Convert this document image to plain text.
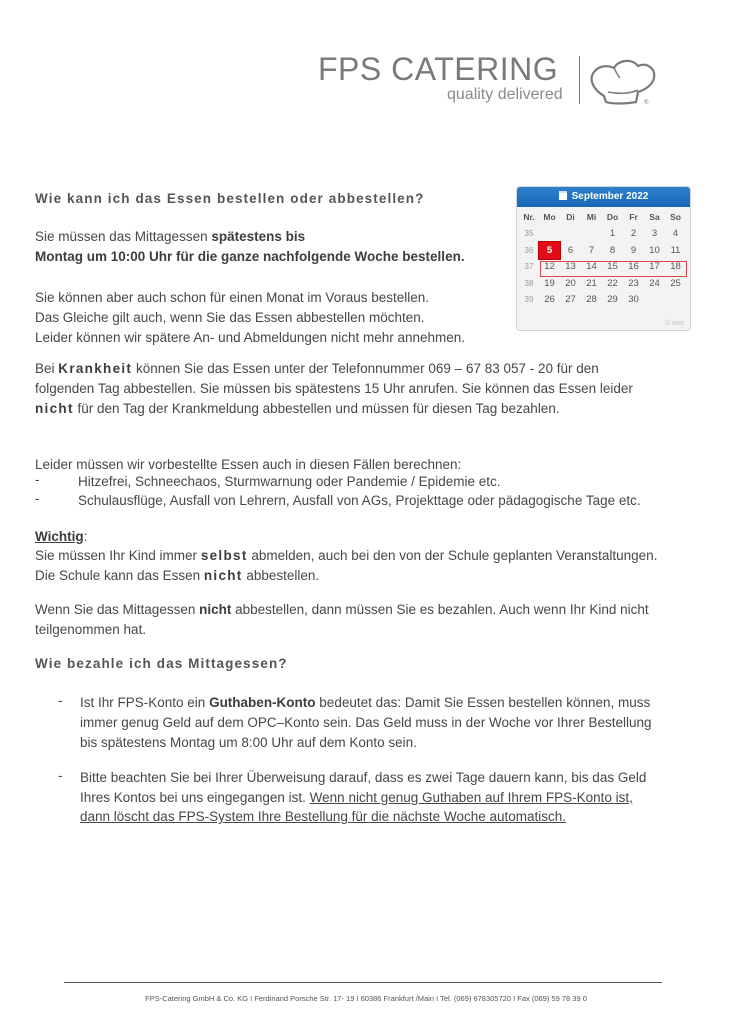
FPS CATERING
quality delivered	®
Wie kann ich das Essen bestellen oder abbestellen?
Sie müssen das Mittagessen spätestens bis
Montag um 10:00 Uhr für die ganze nachfolgende Woche bestellen.
Sie können aber auch schon für einen Monat im Voraus bestellen.
Das Gleiche gilt auch, wenn Sie das Essen abbestellen möchten.
Leider können wir spätere An- und Abmeldungen nicht mehr annehmen.
September 2022
Nr.	Mo	Di	Mi	Do	Fr	Sa	So
35				1	2	3	4
36	5	6	7	8	9	10	11
37	12	13	14	15	16	17	18
38	19	20	21	22	23	24	25
39	26	27	28	29	30		
© ooo
Bei Krankheit können Sie das Essen unter der Telefonnummer 069 – 67 83 057 - 20 für den
folgenden Tag abbestellen. Sie müssen bis spätestens 15 Uhr anrufen. Sie können das Essen leider
nicht für den Tag der Krankmeldung abbestellen und müssen für diesen Tag bezahlen.
Leider müssen wir vorbestellte Essen auch in diesen Fällen berechnen:
-	Hitzefrei, Schneechaos, Sturmwarnung oder Pandemie / Epidemie etc.
-	Schulausflüge, Ausfall von Lehrern, Ausfall von AGs, Projekttage oder pädagogische Tage etc.
Wichtig:
Sie müssen Ihr Kind immer selbst abmelden, auch bei den von der Schule geplanten Veranstaltungen.
Die Schule kann das Essen nicht abbestellen.
Wenn Sie das Mittagessen nicht abbestellen, dann müssen Sie es bezahlen. Auch wenn Ihr Kind nicht
teilgenommen hat.
Wie bezahle ich das Mittagessen?
- Ist Ihr FPS-Konto ein Guthaben-Konto bedeutet das: Damit Sie Essen bestellen können, muss
immer genug Geld auf dem OPC–Konto sein. Das Geld muss in der Woche vor Ihrer Bestellung
bis spätestens Montag um 8:00 Uhr auf dem Konto sein.
- Bitte beachten Sie bei Ihrer Überweisung darauf, dass es zwei Tage dauern kann, bis das Geld
Ihres Kontos bei uns eingegangen ist. Wenn nicht genug Guthaben auf Ihrem FPS-Konto ist,
dann löscht das FPS-System Ihre Bestellung für die nächste Woche automatisch.
FPS-Catering GmbH & Co. KG I Ferdinand Porsche Str. 17- 19 I 60386 Frankfurt /Main I Tel. (069) 678305720 I Fax (069) 59 78 39 0
